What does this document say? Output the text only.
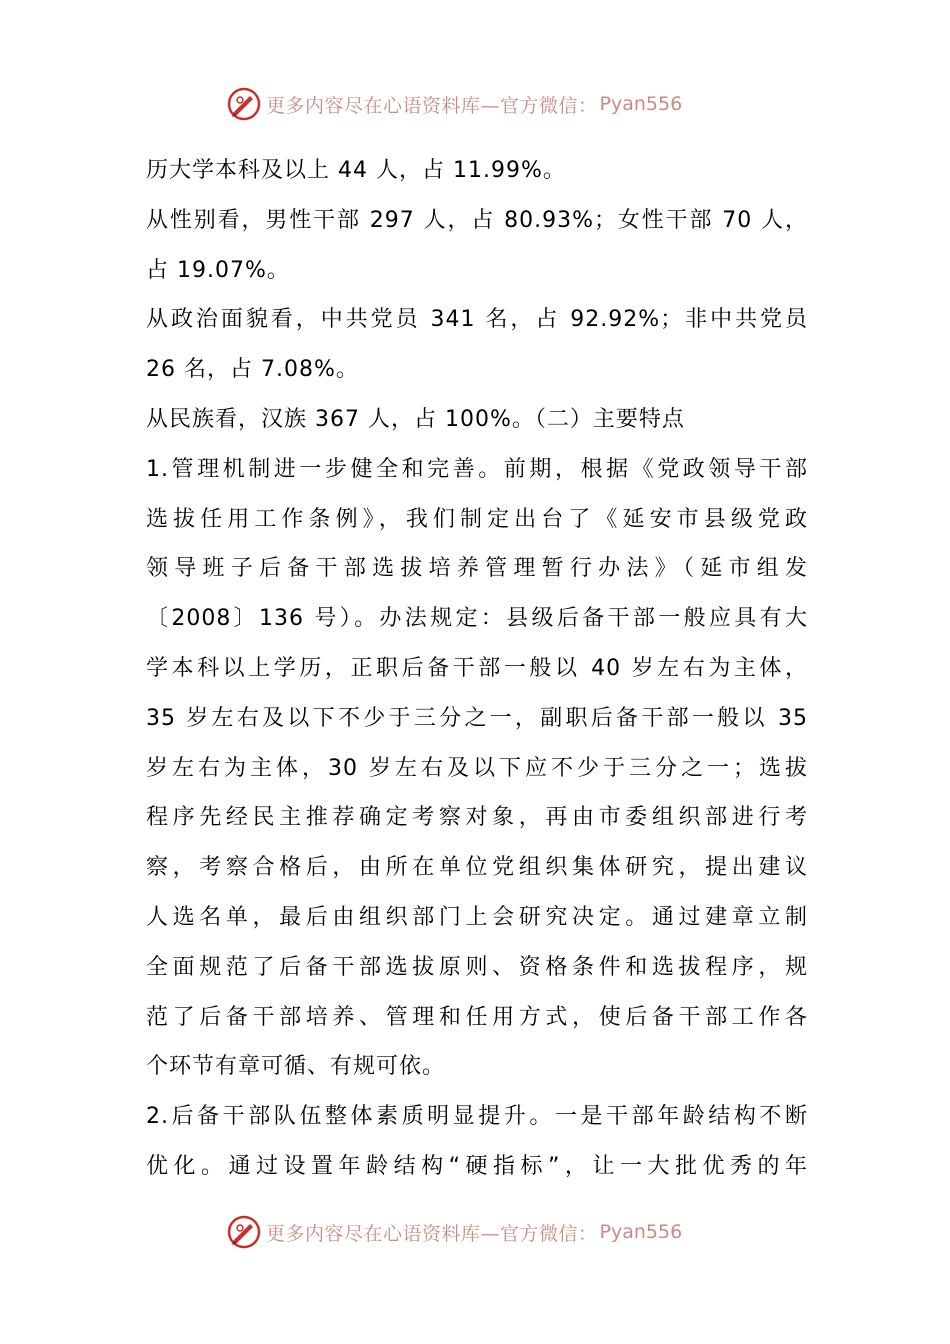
更多内容尽在心语资料库—官方微信： Pyan556
历大学本科及以上 44 人，占 11.99%。
从性别看，男性干部 297 人，占 80.93%；女性干部 70 人，
占 19.07%。
从政治面貌看，中共党员 341 名，占 92.92%；非中共党员
26 名，占 7.08%。
从民族看，汉族 367 人，占 100%。（二）主要特点
1.管理机制进一步健全和完善。前期，根据《党政领导干部
选拔任用工作条例》，我们制定出台了《延安市县级党政
领导班子后备干部选拔培养管理暂行办法》（延市组发
〔2008〕136 号）。办法规定：县级后备干部一般应具有大
学本科以上学历，正职后备干部一般以 40 岁左右为主体，
35 岁左右及以下不少于三分之一，副职后备干部一般以 35
岁左右为主体，30 岁左右及以下应不少于三分之一；选拔
程序先经民主推荐确定考察对象，再由市委组织部进行考
察，考察合格后，由所在单位党组织集体研究，提出建议
人选名单，最后由组织部门上会研究决定。通过建章立制
全面规范了后备干部选拔原则、资格条件和选拔程序，规
范了后备干部培养、管理和任用方式，使后备干部工作各
个环节有章可循、有规可依。
2.后备干部队伍整体素质明显提升。一是干部年龄结构不断
优化。通过设置年龄结构“硬指标”，让一大批优秀的年
更多内容尽在心语资料库—官方微信： Pyan556
